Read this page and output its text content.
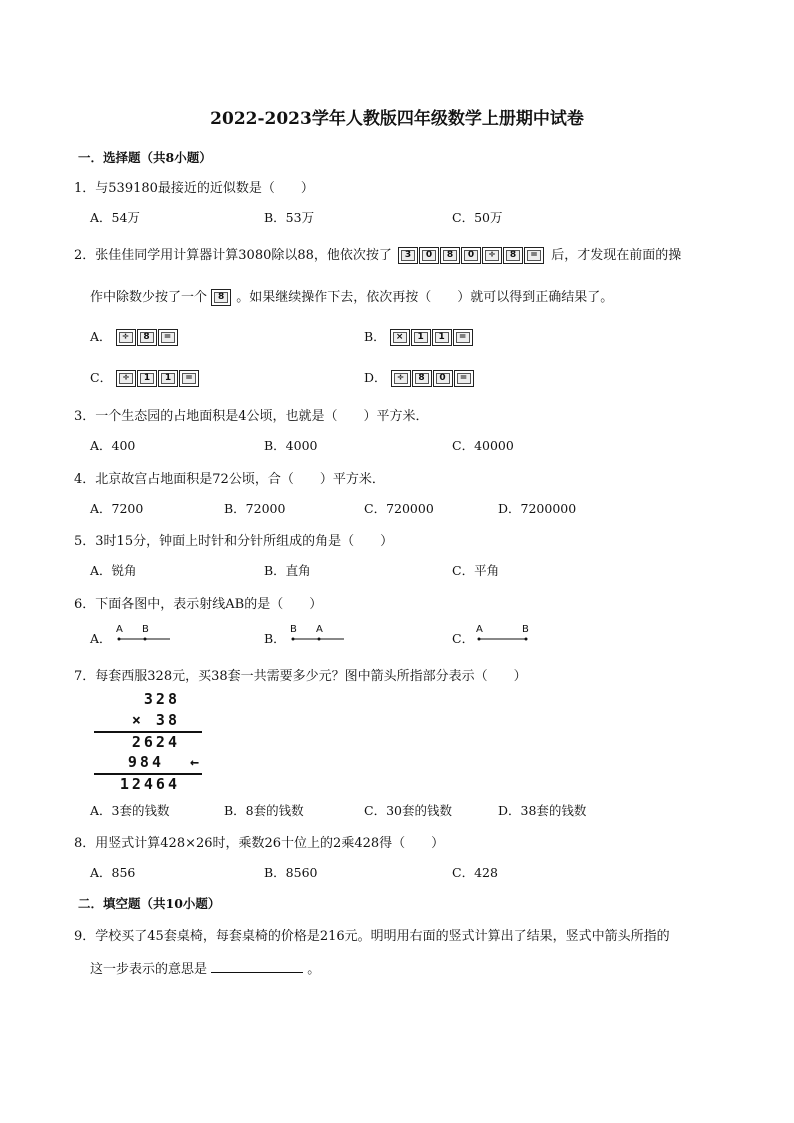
2022-2023学年人教版四年级数学上册期中试卷
一．选择题（共8小题）
1．与539180最接近的近似数是（　　）
A．54万	B．53万	C．50万
2．张佳佳同学用计算器计算3080除以88，他依次按了 3 0 8 0 ÷ 8 = 后，才发现在前面的操
作中除数少按了一个 8 。如果继续操作下去，依次再按（　　）就可以得到正确结果了。
A． ÷ 8 =	B． × 1 1 =
C． ÷ 1 1 =	D． ÷ 8 0 =
3．一个生态园的占地面积是4公顷，也就是（　　）平方米．
A．400	B．4000	C．40000
4．北京故宫占地面积是72公顷，合（　　）平方米．
A．7200	B．72000	C．720000	D．7200000
5．3时15分，钟面上时针和分针所组成的角是（　　）
A．锐角	B．直角	C．平角
6．下面各图中，表示射线AB的是（　　）
A．
A B
B．
B A
C．
A	B
7．每套西服328元，买38套一共需要多少元？图中箭头所指部分表示（　　）
328
× 38
2624
984 ←
12464
A．3套的钱数	B．8套的钱数	C．30套的钱数	D．38套的钱数
8．用竖式计算428×26时，乘数26十位上的2乘428得（　　）
A．856	B．8560	C．428
二．填空题（共10小题）
9．学校买了45套桌椅，每套桌椅的价格是216元。明明用右面的竖式计算出了结果，竖式中箭头所指的
这一步表示的意思是	。
